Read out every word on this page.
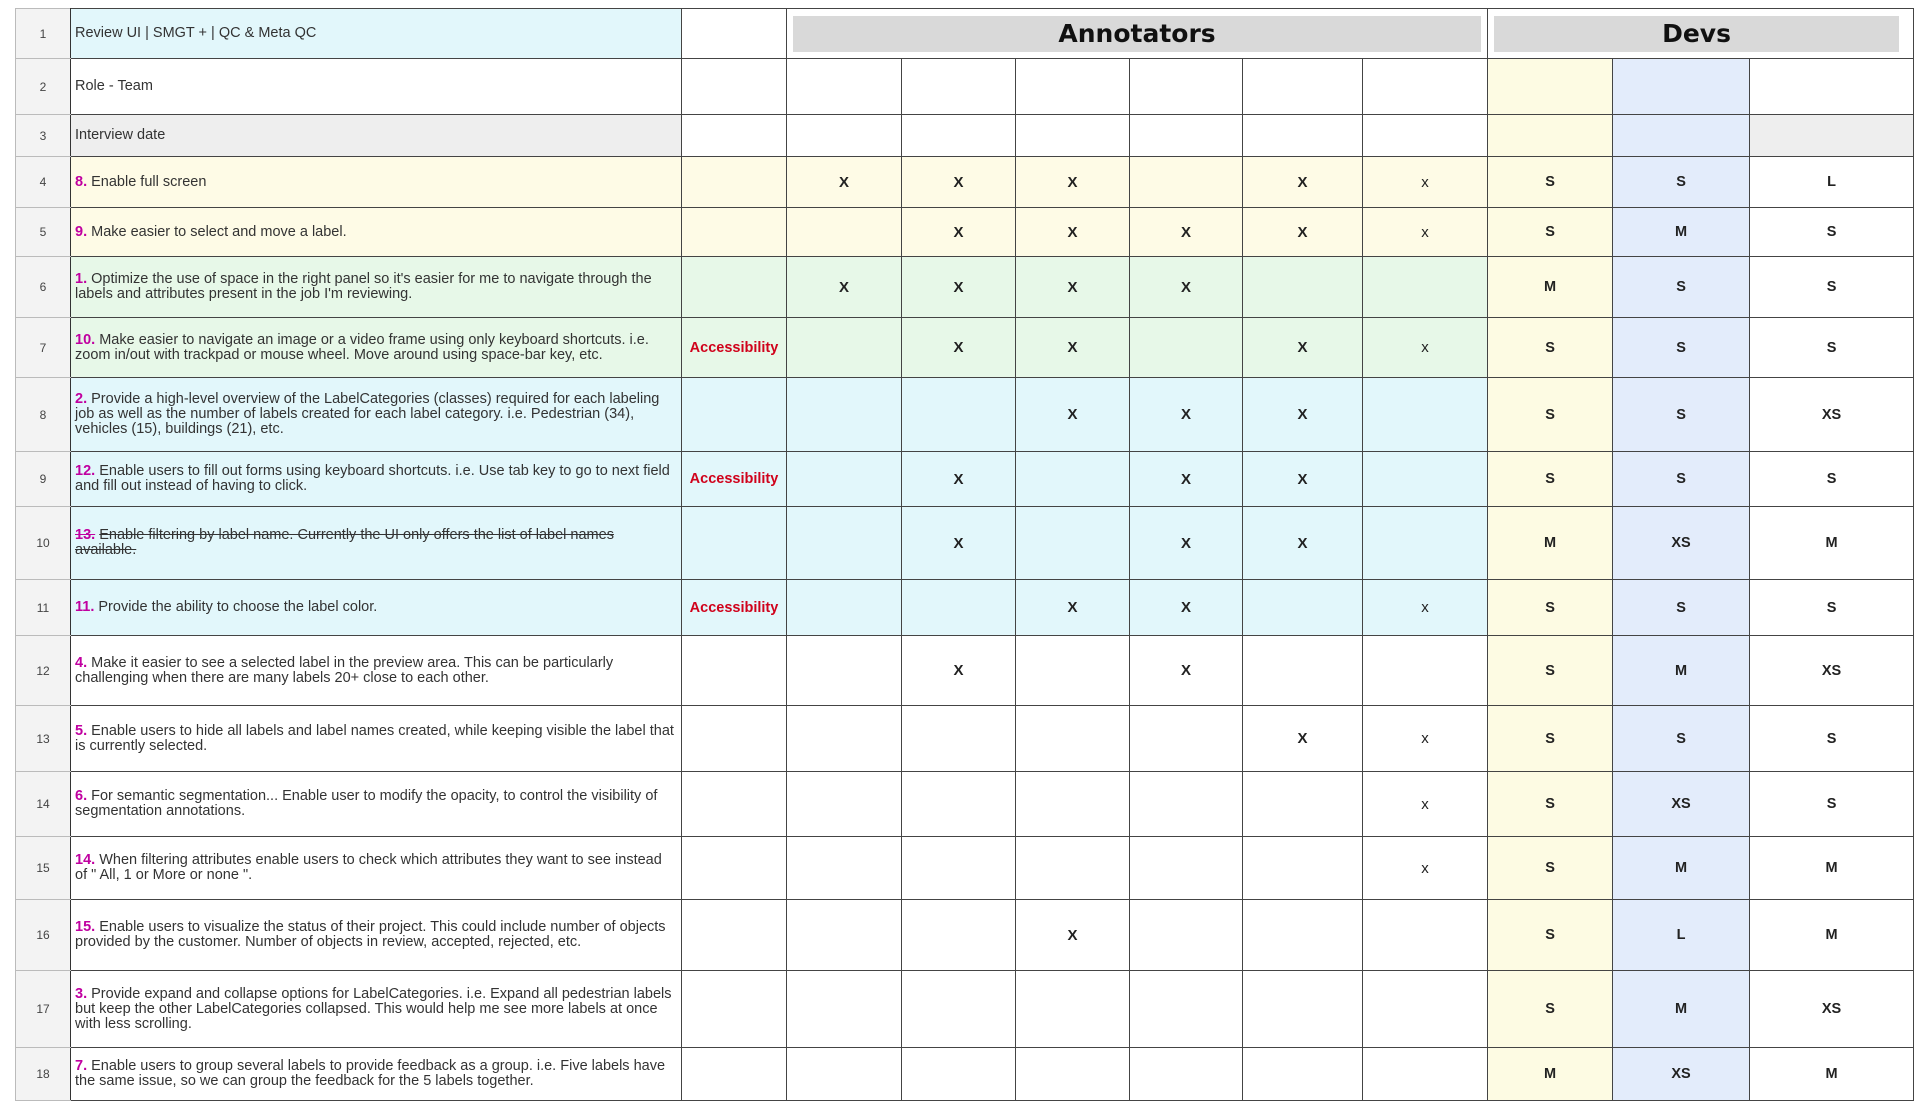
1	Review UI | SMGT + | QC & Meta QC		Annotators						Devs		

2	Role - Team										
3	Interview date										
4	8. Enable full screen		X	X	X		X	x	S	S	L
5	9. Make easier to select and move a label.			X	X	X	X	x	S	M	S
6	1. Optimize the use of space in the right panel so it's easier for me to navigate through the labels and attributes present in the job I'm reviewing.		X	X	X	X			M	S	S
7	10. Make easier to navigate an image or a video frame using only keyboard shortcuts. i.e. zoom in/out with trackpad or mouse wheel. Move around using space-bar key, etc.	Accessibility		X	X		X	x	S	S	S
8	2. Provide a high-level overview of the LabelCategories (classes) required for each labeling job as well as the number of labels created for each label category. i.e. Pedestrian (34), vehicles (15), buildings (21), etc.				X	X	X		S	S	XS
9	12. Enable users to fill out forms using keyboard shortcuts. i.e. Use tab key to go to next field and fill out instead of having to click.	Accessibility		X		X	X		S	S	S
10	13. Enable filtering by label name. Currently the UI only offers the list of label names available.			X		X	X		M	XS	M
11	11. Provide the ability to choose the label color.	Accessibility			X	X		x	S	S	S
12	4. Make it easier to see a selected label in the preview area. This can be particularly challenging when there are many labels 20+ close to each other.			X		X			S	M	XS
13	5. Enable users to hide all labels and label names created, while keeping visible the label that is currently selected.						X	x	S	S	S
14	6. For semantic segmentation... Enable user to modify the opacity, to control the visibility of segmentation annotations.							x	S	XS	S
15	14. When filtering attributes enable users to check which attributes they want to see instead of " All, 1 or More or none ".							x	S	M	M
16	15. Enable users to visualize the status of their project. This could include number of objects provided by the customer. Number of objects in review, accepted, rejected, etc.				X				S	L	M
17	3. Provide expand and collapse options for LabelCategories. i.e. Expand all pedestrian labels but keep the other LabelCategories collapsed. This would help me see more labels at once with less scrolling.								S	M	XS
18	7. Enable users to group several labels to provide feedback as a group. i.e. Five labels have the same issue, so we can group the feedback for the 5 labels together.								M	XS	M
